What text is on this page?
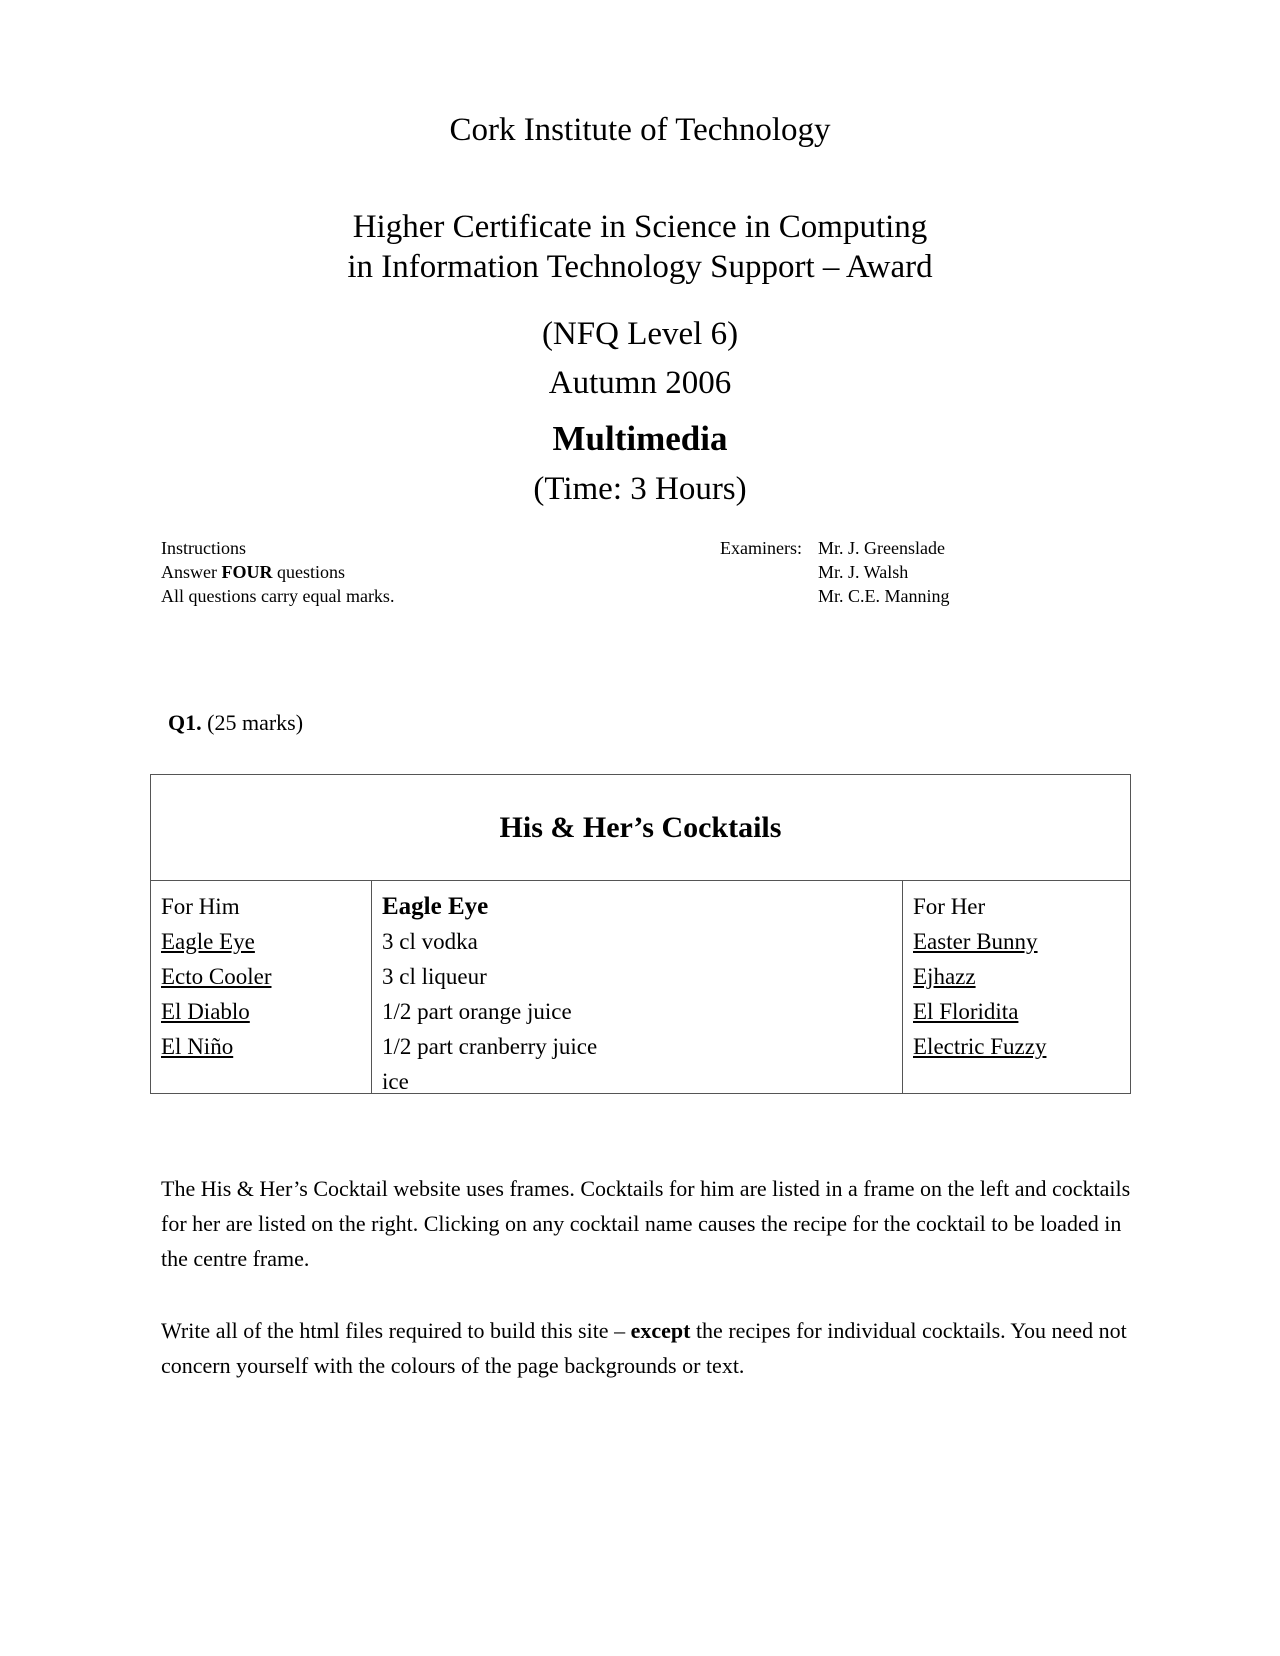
Cork Institute of Technology
Higher Certificate in Science in Computing
in Information Technology Support – Award
(NFQ Level 6)
Autumn 2006
Multimedia
(Time: 3 Hours)
Instructions
Answer FOUR questions
All questions carry equal marks.
Examiners: Mr. J. Greenslade
Mr. J. Walsh
Mr. C.E. Manning
Q1. (25 marks)
His & Her’s Cocktails
For Him
Eagle Eye
Ecto Cooler
El Diablo
El Niño
Eagle Eye
3 cl vodka
3 cl liqueur
1/2 part orange juice
1/2 part cranberry juice
ice
For Her
Easter Bunny
Ejhazz
El Floridita
Electric Fuzzy
The His & Her’s Cocktail website uses frames. Cocktails for him are listed in a frame on the left and cocktails for her are listed on the right. Clicking on any cocktail name causes the recipe for the cocktail to be loaded in the centre frame.
Write all of the html files required to build this site – except the recipes for individual cocktails. You need not concern yourself with the colours of the page backgrounds or text.
